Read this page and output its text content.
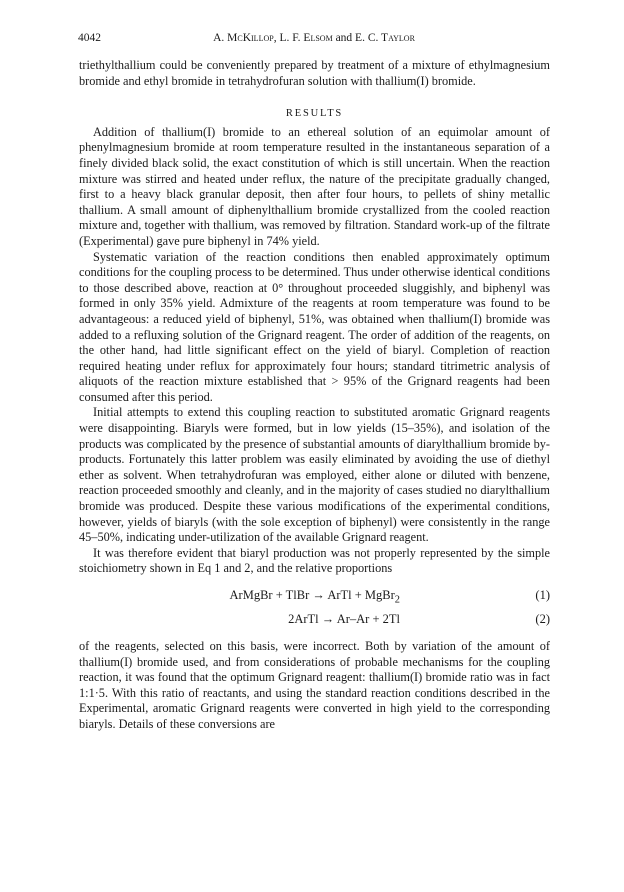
4042	A. McKillop, L. F. Elsom and E. C. Taylor

triethylthallium could be conveniently prepared by treatment of a mixture of ethylmagnesium bromide and ethyl bromide in tetrahydrofuran solution with thallium(I) bromide.

RESULTS

Addition of thallium(I) bromide to an ethereal solution of an equimolar amount of phenylmagnesium bromide at room temperature resulted in the instantaneous separation of a finely divided black solid, the exact constitution of which is still uncertain. When the reaction mixture was stirred and heated under reflux, the nature of the precipitate gradually changed, first to a heavy black granular deposit, then after four hours, to pellets of shiny metallic thallium. A small amount of diphenylthallium bromide crystallized from the cooled reaction mixture and, together with thallium, was removed by filtration. Standard work-up of the filtrate (Experimental) gave pure biphenyl in 74% yield.

Systematic variation of the reaction conditions then enabled approximately optimum conditions for the coupling process to be determined. Thus under otherwise identical conditions to those described above, reaction at 0° throughout proceeded sluggishly, and biphenyl was formed in only 35% yield. Admixture of the reagents at room temperature was found to be advantageous: a reduced yield of biphenyl, 51%, was obtained when thallium(I) bromide was added to a refluxing solution of the Grignard reagent. The order of addition of the reagents, on the other hand, had little significant effect on the yield of biaryl. Completion of reaction required heating under reflux for approximately four hours; standard titrimetric analysis of aliquots of the reaction mixture established that > 95% of the Grignard reagents had been consumed after this period.

Initial attempts to extend this coupling reaction to substituted aromatic Grignard reagents were disappointing. Biaryls were formed, but in low yields (15–35%), and isolation of the products was complicated by the presence of substantial amounts of diarylthallium bromide by-products. Fortunately this latter problem was easily eliminated by avoiding the use of diethyl ether as solvent. When tetrahydrofuran was employed, either alone or diluted with benzene, reaction proceeded smoothly and cleanly, and in the majority of cases studied no diarylthallium bromide was produced. Despite these various modifications of the experimental conditions, however, yields of biaryls (with the sole exception of biphenyl) were consistently in the range 45–50%, indicating under-utilization of the available Grignard reagent.

It was therefore evident that biaryl production was not properly represented by the simple stoichiometry shown in Eq 1 and 2, and the relative proportions

ArMgBr + TlBr → ArTl + MgBr$_2$	(1)
2ArTl → Ar–Ar + 2Tl	(2)

of the reagents, selected on this basis, were incorrect. Both by variation of the amount of thallium(I) bromide used, and from considerations of probable mechanisms for the coupling reaction, it was found that the optimum Grignard reagent: thallium(I) bromide ratio was in fact 1:1·5. With this ratio of reactants, and using the standard reaction conditions described in the Experimental, aromatic Grignard reagents were converted in high yield to the corresponding biaryls. Details of these conversions are
